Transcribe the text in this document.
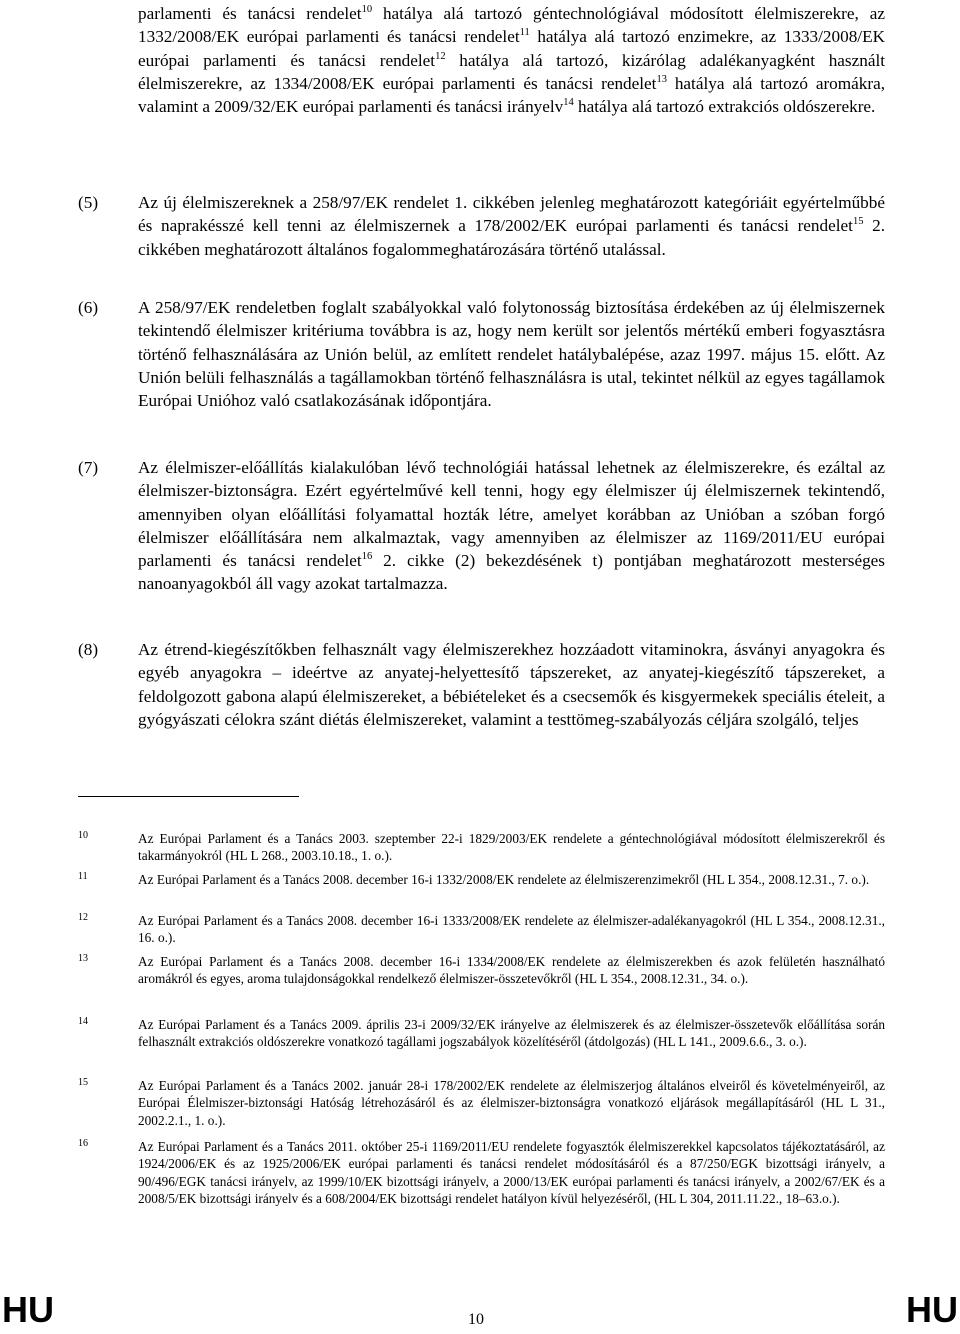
parlamenti és tanácsi rendelet$^{10}$ hatálya alá tartozó géntechnológiával módosított élelmiszerekre, az 1332/2008/EK európai parlamenti és tanácsi rendelet$^{11}$ hatálya alá tartozó enzimekre, az 1333/2008/EK európai parlamenti és tanácsi rendelet$^{12}$ hatálya alá tartozó, kizárólag adalékanyagként használt élelmiszerekre, az 1334/2008/EK európai parlamenti és tanácsi rendelet$^{13}$ hatálya alá tartozó aromákra, valamint a 2009/32/EK európai parlamenti és tanácsi irányelv$^{14}$ hatálya alá tartozó extrakciós oldószerekre.
(5)	Az új élelmiszereknek a 258/97/EK rendelet 1. cikkében jelenleg meghatározott kategóriáit egyértelműbbé és naprakésszé kell tenni az élelmiszernek a 178/2002/EK európai parlamenti és tanácsi rendelet$^{15}$ 2. cikkében meghatározott általános fogalommeghatározására történő utalással.
(6)	A 258/97/EK rendeletben foglalt szabályokkal való folytonosság biztosítása érdekében az új élelmiszernek tekintendő élelmiszer kritériuma továbbra is az, hogy nem került sor jelentős mértékű emberi fogyasztásra történő felhasználására az Unión belül, az említett rendelet hatálybalépése, azaz 1997. május 15. előtt. Az Unión belüli felhasználás a tagállamokban történő felhasználásra is utal, tekintet nélkül az egyes tagállamok Európai Unióhoz való csatlakozásának időpontjára.
(7)	Az élelmiszer-előállítás kialakulóban lévő technológiái hatással lehetnek az élelmiszerekre, és ezáltal az élelmiszer-biztonságra. Ezért egyértelművé kell tenni, hogy egy élelmiszer új élelmiszernek tekintendő, amennyiben olyan előállítási folyamattal hozták létre, amelyet korábban az Unióban a szóban forgó élelmiszer előállítására nem alkalmaztak, vagy amennyiben az élelmiszer az 1169/2011/EU európai parlamenti és tanácsi rendelet$^{16}$ 2. cikke (2) bekezdésének t) pontjában meghatározott mesterséges nanoanyagokból áll vagy azokat tartalmazza.
(8)	Az étrend-kiegészítőkben felhasznált vagy élelmiszerekhez hozzáadott vitaminokra, ásványi anyagokra és egyéb anyagokra – ideértve az anyatej-helyettesítő tápszereket, az anyatej-kiegészítő tápszereket, a feldolgozott gabona alapú élelmiszereket, a bébiételeket és a csecsemők és kisgyermekek speciális ételeit, a gyógyászati célokra szánt diétás élelmiszereket, valamint a testtömeg-szabályozás céljára szolgáló, teljes
10	Az Európai Parlament és a Tanács 2003. szeptember 22-i 1829/2003/EK rendelete a géntechnológiával módosított élelmiszerekről és takarmányokról (HL L 268., 2003.10.18., 1. o.).
11	Az Európai Parlament és a Tanács 2008. december 16-i 1332/2008/EK rendelete az élelmiszerenzimekről (HL L 354., 2008.12.31., 7. o.).
12	Az Európai Parlament és a Tanács 2008. december 16-i 1333/2008/EK rendelete az élelmiszer-adalékanyagokról (HL L 354., 2008.12.31., 16. o.).
13	Az Európai Parlament és a Tanács 2008. december 16-i 1334/2008/EK rendelete az élelmiszerekben és azok felületén használható aromákról és egyes, aroma tulajdonságokkal rendelkező élelmiszer-összetevőkről (HL L 354., 2008.12.31., 34. o.).
14	Az Európai Parlament és a Tanács 2009. április 23-i 2009/32/EK irányelve az élelmiszerek és az élelmiszer-összetevők előállítása során felhasznált extrakciós oldószerekre vonatkozó tagállami jogszabályok közelítéséről (átdolgozás) (HL L 141., 2009.6.6., 3. o.).
15	Az Európai Parlament és a Tanács 2002. január 28-i 178/2002/EK rendelete az élelmiszerjog általános elveiről és követelményeiről, az Európai Élelmiszer-biztonsági Hatóság létrehozásáról és az élelmiszer-biztonságra vonatkozó eljárások megállapításáról (HL L 31., 2002.2.1., 1. o.).
16	Az Európai Parlament és a Tanács 2011. október 25-i 1169/2011/EU rendelete fogyasztók élelmiszerekkel kapcsolatos tájékoztatásáról, az 1924/2006/EK és az 1925/2006/EK európai parlamenti és tanácsi rendelet módosításáról és a 87/250/EGK bizottsági irányelv, a 90/496/EGK tanácsi irányelv, az 1999/10/EK bizottsági irányelv, a 2000/13/EK európai parlamenti és tanácsi irányelv, a 2002/67/EK és a 2008/5/EK bizottsági irányelv és a 608/2004/EK bizottsági rendelet hatályon kívül helyezéséről, (HL L 304, 2011.11.22., 18–63.o.).
HU	10	HU
